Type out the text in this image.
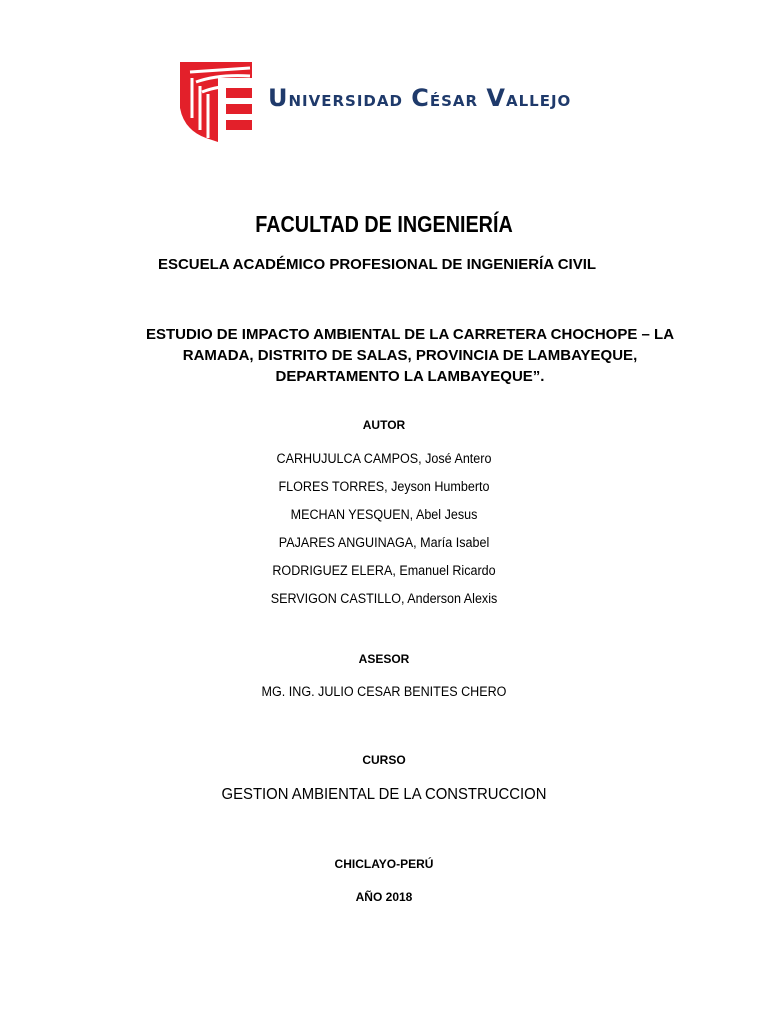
Universidad César Vallejo
FACULTAD DE INGENIERÍA
ESCUELA ACADÉMICO PROFESIONAL DE INGENIERÍA CIVIL
ESTUDIO DE IMPACTO AMBIENTAL DE LA CARRETERA CHOCHOPE – LA
RAMADA, DISTRITO DE SALAS, PROVINCIA DE LAMBAYEQUE,
DEPARTAMENTO LA LAMBAYEQUE”.
AUTOR
CARHUJULCA CAMPOS, José Antero
FLORES TORRES, Jeyson Humberto
MECHAN YESQUEN, Abel Jesus
PAJARES ANGUINAGA, María Isabel
RODRIGUEZ ELERA, Emanuel Ricardo
SERVIGON CASTILLO, Anderson Alexis
ASESOR
MG. ING. JULIO CESAR BENITES CHERO
CURSO
GESTION AMBIENTAL DE LA CONSTRUCCION
CHICLAYO-PERÚ
AÑO 2018
